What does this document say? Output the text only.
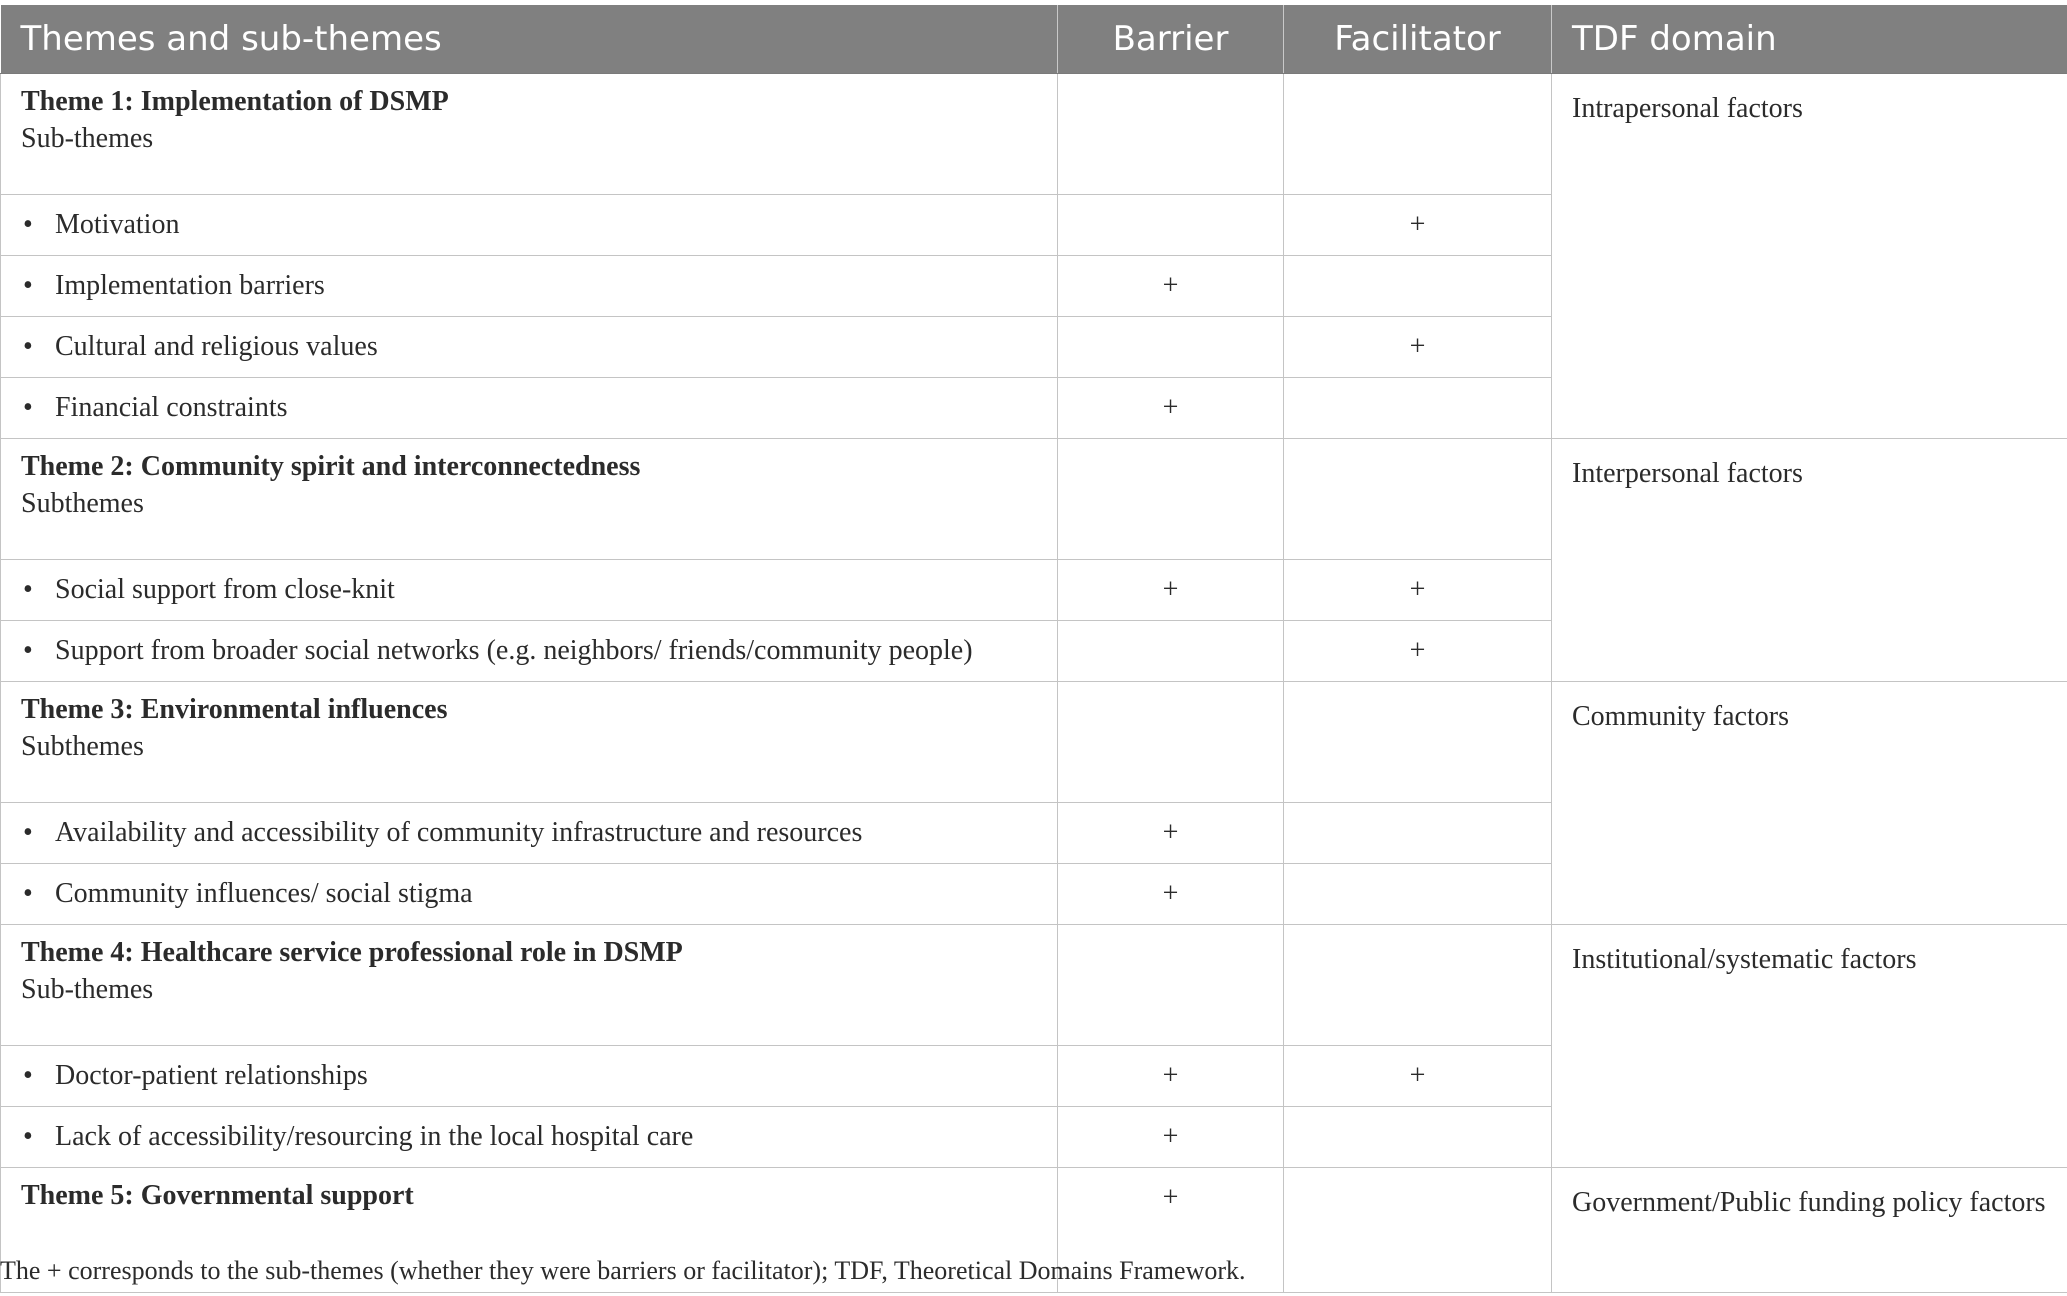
Themes and sub-themes	Barrier	Facilitator	TDF domain

Theme 1: Implementation of DSMP
Sub-themes			Intrapersonal factors
• Motivation		+	
• Implementation barriers	+		
• Cultural and religious values		+	
• Financial constraints	+		

Theme 2: Community spirit and interconnectedness
Subthemes			Interpersonal factors
• Social support from close-knit	+	+	
• Support from broader social networks (e.g. neighbors/ friends/community people)		+	

Theme 3: Environmental influences
Subthemes			Community factors
• Availability and accessibility of community infrastructure and resources	+		
• Community influences/ social stigma	+		

Theme 4: Healthcare service professional role in DSMP
Sub-themes			Institutional/systematic factors
• Doctor-patient relationships	+	+	
• Lack of accessibility/resourcing in the local hospital care	+		

Theme 5: Governmental support	+		Government/Public funding policy factors
The + corresponds to the sub-themes (whether they were barriers or facilitator); TDF, Theoretical Domains Framework.
